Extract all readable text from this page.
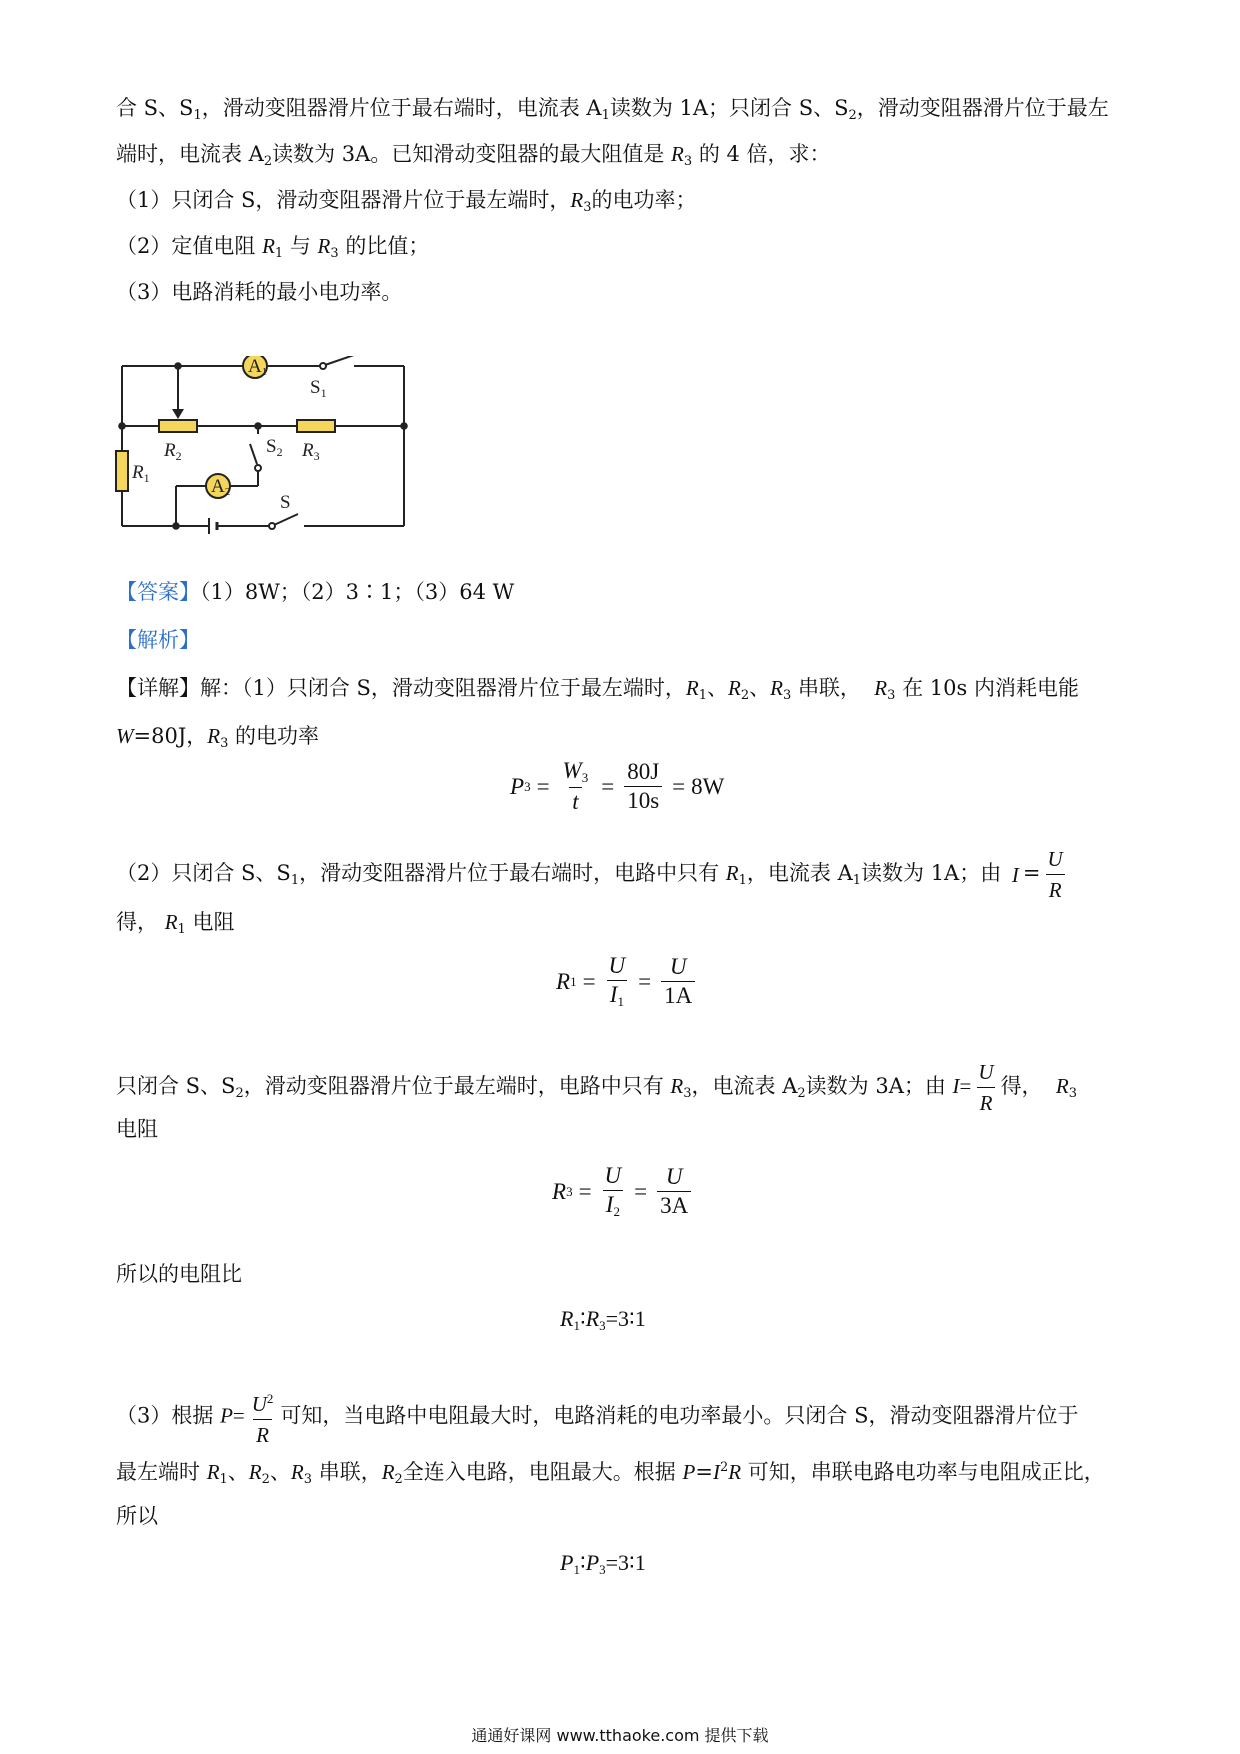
合 S、$S_1$，滑动变阻器滑片位于最右端时，电流表 $A_1$读数为 1A；只闭合 S、$S_2$，滑动变阻器滑片位于最左
端时，电流表 $A_2$读数为 3A。已知滑动变阻器的最大阻值是 $R_3$ 的 4 倍，求：
（1）只闭合 S，滑动变阻器滑片位于最左端时，$R_3$的电功率；
（2）定值电阻 $R_1$ 与 $R_3$ 的比值；
（3）电路消耗的最小电功率。
A1
A2
$S_1$
$S_2$
S
$R_1$
$R_2$	$R_3$
【答案】（1）8W；（2）3∶1；（3）64 W
【解析】
【详解】解：（1）只闭合 S，滑动变阻器滑片位于最左端时，$R_1$、$R_2$、$R_3$ 串联， $R_3$ 在 10s 内消耗电能
W=80J，$R_3$ 的电功率
P $3 = \frac{W_3}{t} = \frac{80J}{10s} = 8W$
（2）只闭合 S、$S_1$，滑动变阻器滑片位于最右端时，电路中只有 $R_1$，电流表 $A_1$读数为 1A；由 $I = \frac{U}{R}$
得， $R_1$ 电阻
R $1 = \frac{U}{I_1} = \frac{U}{1A}$
只闭合 S、$S_2$，滑动变阻器滑片位于最左端时，电路中只有 $R_3$，电流表 $A_2$读数为 3A；由 $I= \frac{U}{R}$ 得， $R_3$
电阻
R $3 = \frac{U}{I_2} = \frac{U}{3A}$
所以的电阻比
$R_1∶R_3=3∶1$
（3）根据 $P= \frac{U^2}{R}$ 可知，当电路中电阻最大时，电路消耗的电功率最小。只闭合 S，滑动变阻器滑片位于
最左端时 $R_1$、$R_2$、$R_3$ 串联，$R_2$全连入电路，电阻最大。根据 $P=I^2R$ 可知，串联电路电功率与电阻成正比，
所以
$P_1∶P_3=3∶1$
通通好课网 www.tthaoke.com 提供下载
